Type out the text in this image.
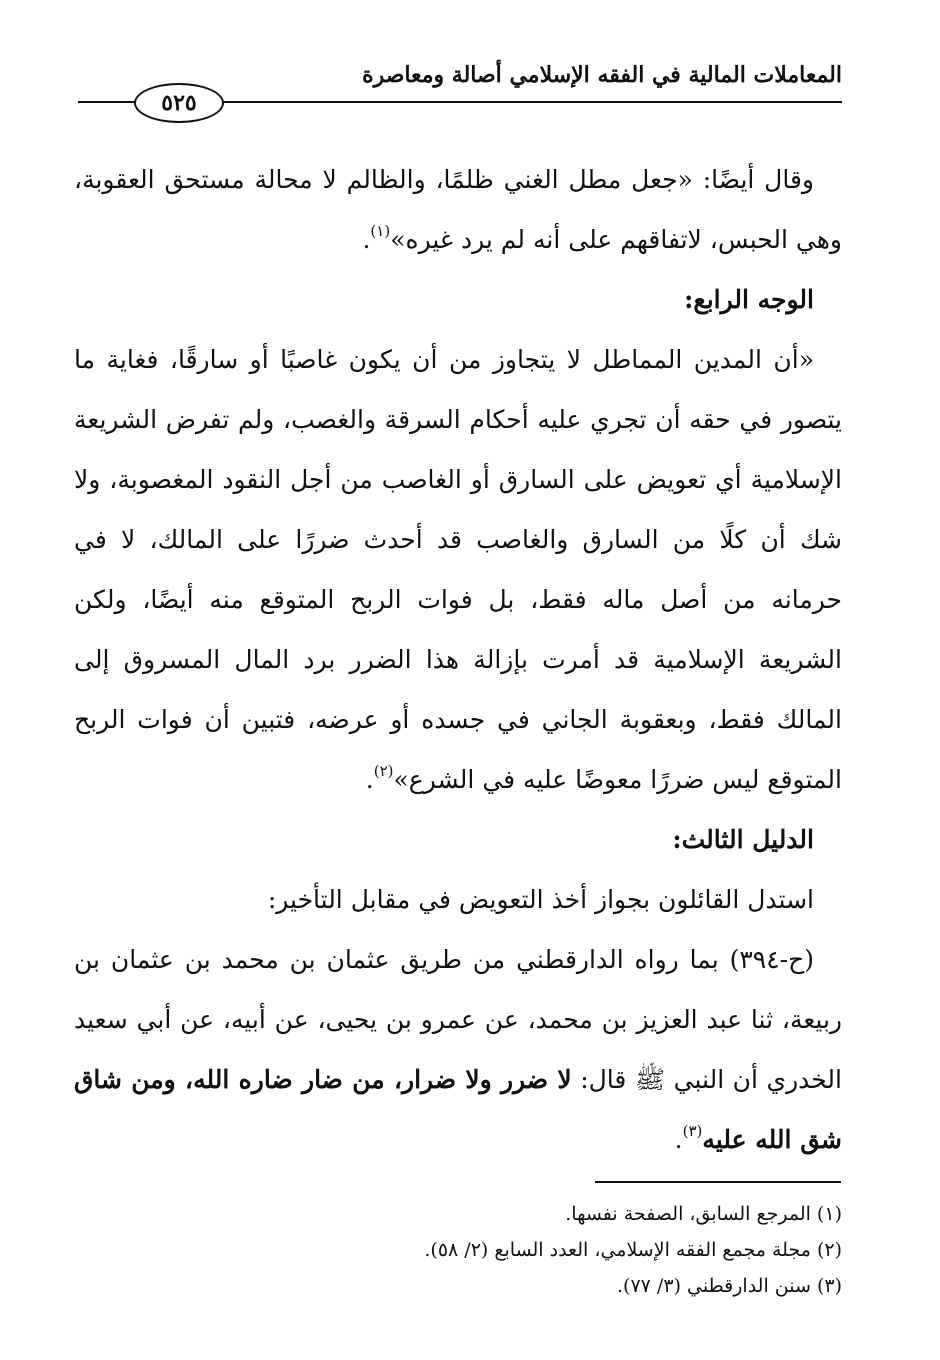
المعاملات المالية في الفقه الإسلامي أصالة ومعاصرة
٥٢٥

وقال أيضًا: «جعل مطل الغني ظلمًا، والظالم لا محالة مستحق العقوبة، وهي الحبس، لاتفاقهم على أنه لم يرد غيره»$^{(١)}$.

الوجه الرابع:

«أن المدين المماطل لا يتجاوز من أن يكون غاصبًا أو سارقًا، فغاية ما يتصور في حقه أن تجري عليه أحكام السرقة والغصب، ولم تفرض الشريعة الإسلامية أي تعويض على السارق أو الغاصب من أجل النقود المغصوبة، ولا شك أن كلًا من السارق والغاصب قد أحدث ضررًا على المالك، لا في حرمانه من أصل ماله فقط، بل فوات الربح المتوقع منه أيضًا، ولكن الشريعة الإسلامية قد أمرت بإزالة هذا الضرر برد المال المسروق إلى المالك فقط، وبعقوبة الجاني في جسده أو عرضه، فتبين أن فوات الربح المتوقع ليس ضررًا معوضًا عليه في الشرع»$^{(٢)}$.

الدليل الثالث:

استدل القائلون بجواز أخذ التعويض في مقابل التأخير:

(ح-٣٩٤) بما رواه الدارقطني من طريق عثمان بن محمد بن عثمان بن ربيعة، ثنا عبد العزيز بن محمد، عن عمرو بن يحيى، عن أبيه، عن أبي سعيد الخدري أن النبي ﷺ قال: لا ضرر ولا ضرار، من ضار ضاره الله، ومن شاق شق الله عليه$^{(٣)}$.

(١) المرجع السابق، الصفحة نفسها.
(٢) مجلة مجمع الفقه الإسلامي، العدد السابع (٢/ ٥٨).
(٣) سنن الدارقطني (٣/ ٧٧).
